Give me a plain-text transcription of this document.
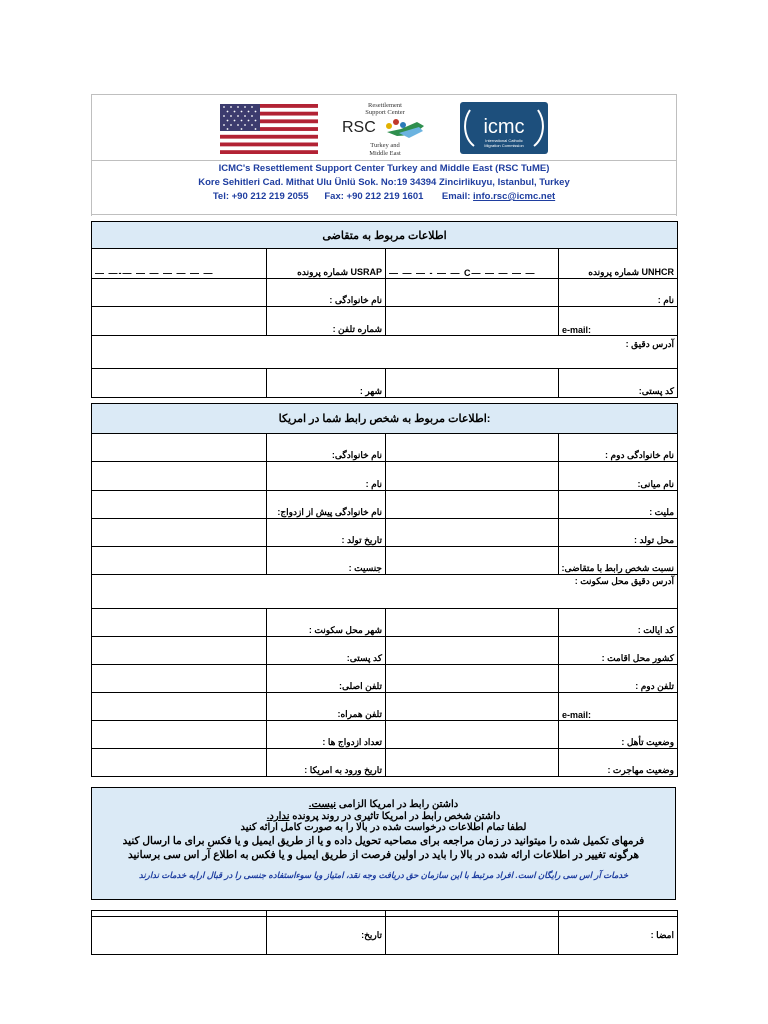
Resettlement
Support Center
RSC
Turkey and
Middle East
icmc
International Catholic
Migration Commission
ICMC's Resettlement Support Center Turkey and Middle East (RSC TuME)
Kore Sehitleri Cad. Mithat Ulu Ünlü Sok. No:19 34394 Zincirlikuyu, Istanbul, Turkey
Tel: +90 212 219 2055 Fax: +90 212 219 1601 Email: info.rsc@icmc.net
اطلاعات مربوط به متقاضی			
— —-— — — — — — —	شماره پرونده USRAP	— — — - — — C— — — — —	شماره پرونده UNHCR
	نام خانوادگی :		نام :
	شماره تلفن :		e-mail:
آدرس دقیق :			
	شهر :		کد پستی:
اطلاعات مربوط به شخص رابط شما در امریکا:			
	نام خانوادگی:		نام خانوادگی دوم :
	نام :		نام میانی:
	نام خانوادگی پیش از ازدواج:		ملیت :
	تاریخ تولد :		محل تولد :
	جنسیت :		نسبت شخص رابط با متقاضی:
آدرس دقیق محل سکونت :			
	شهر محل سکونت :		کد ایالت :
	کد پستی:		کشور محل اقامت :
	تلفن اصلی:		تلفن دوم :
	تلفن همراه:		e-mail:
	تعداد ازدواج ها :		وضعیت تأهل :
	تاریخ ورود به امریکا :		وضعیت مهاجرت :

داشتن رابط در امریکا الزامی نیست.

داشتن شخص رابط در امریکا تاثیری در روند پرونده ندارد.

لطفا تمام اطلاعات درخواست شده در بالا را به صورت کامل ارائه کنید

فرمهای تکمیل شده را میتوانید در زمان مراجعه برای مصاحبه تحویل داده و یا از طریق ایمیل و یا فکس برای ما ارسال کنید

هرگونه تغییر در اطلاعات ارائه شده در بالا را باید در اولین فرصت از طریق ایمیل و یا فکس به اطلاع آر اس سی برسانید

خدمات آر اس سی رایگان است. افراد مرتبط با این سازمان حق دریافت وجه نقد، امتیاز ویا سوءاستفاده جنسی را در قبال ارایه خدمات ندارند

	تاریخ:		امضا :
